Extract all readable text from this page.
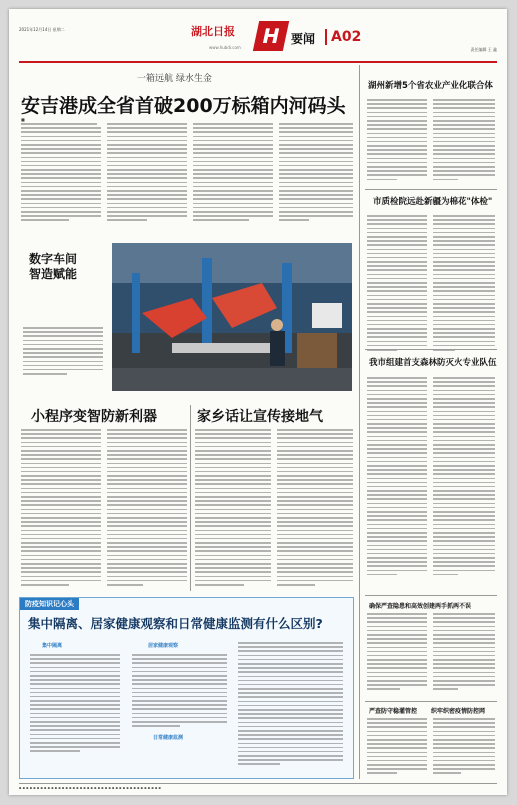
2021年12月14日 星期二	湖北日报	H 要闻	A02
www.hubdi.com	责任编辑 王 鑫
一箱远航 绿水生金
安吉港成全省首破200万标箱内河码头
■
数字车间
智造赋能
小程序变智防新利器	家乡话让宣传接地气
防疫知识记心头
集中隔离、居家健康观察和日常健康监测有什么区别?
集中隔离	居家健康观察
日常健康监测
湖州新增5个省农业产业化联合体
市质检院远赴新疆为棉花"体检"
我市组建首支森林防灭火专业队伍
确保严查隐患和高效创建两手抓两不误
严查防守稳灌管控 织牢织密疫情防控网
▪ ▪ ▪ ▪ ▪ ▪ ▪ ▪ ▪ ▪ ▪ ▪ ▪ ▪ ▪ ▪ ▪ ▪ ▪ ▪ ▪ ▪ ▪ ▪ ▪ ▪ ▪ ▪ ▪ ▪ ▪ ▪ ▪ ▪ ▪ ▪ ▪ ▪ ▪ ▪
